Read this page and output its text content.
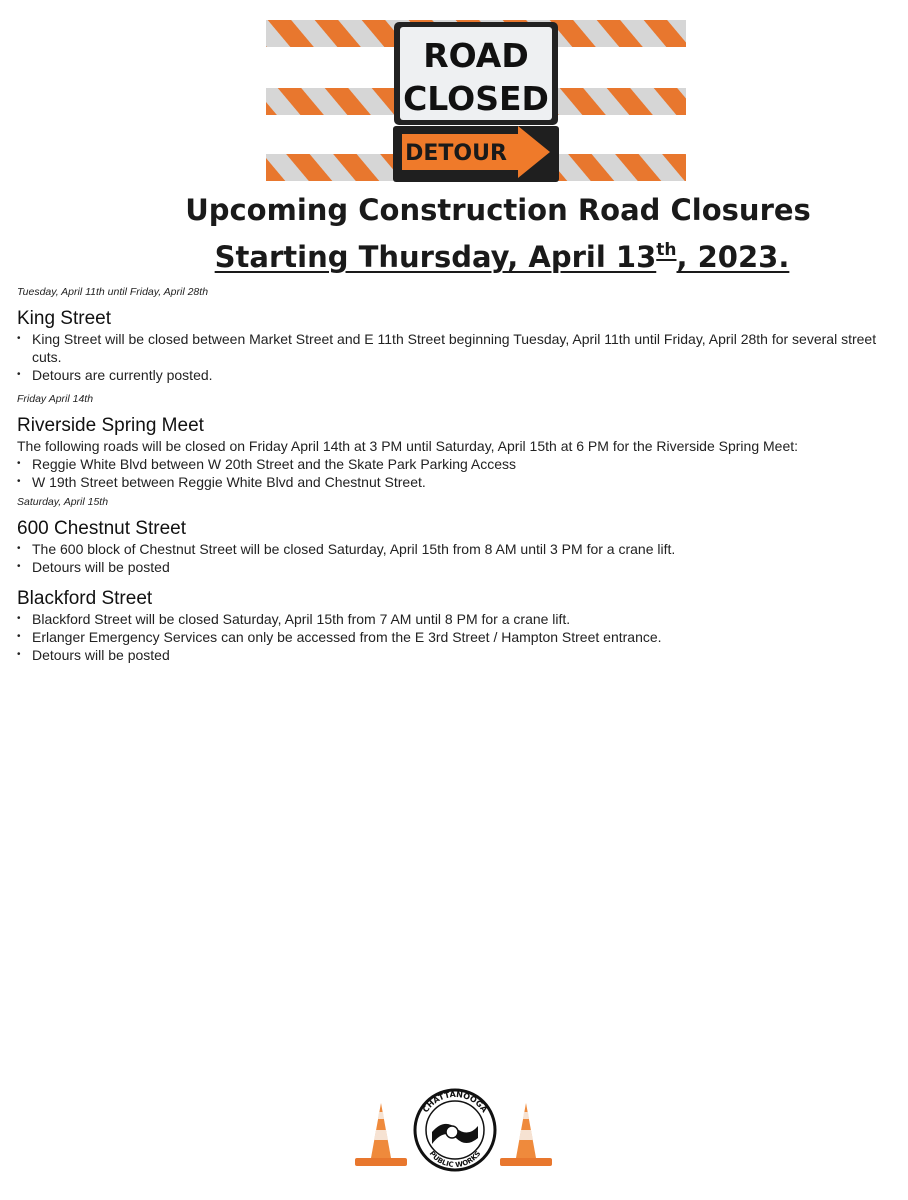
ROAD
CLOSED
DETOUR
Upcoming Construction Road Closures
Starting Thursday, April 13th, 2023.
Tuesday, April 11th until Friday, April 28th
King Street
• King Street will be closed between Market Street and E 11th Street beginning Tuesday, April 11th until Friday, April 28th for several street cuts.
• Detours are currently posted.
Friday April 14th
Riverside Spring Meet
The following roads will be closed on Friday April 14th at 3 PM until Saturday, April 15th at 6 PM for the Riverside Spring Meet:
• Reggie White Blvd between W 20th Street and the Skate Park Parking Access
• W 19th Street between Reggie White Blvd and Chestnut Street.
Saturday, April 15th
600 Chestnut Street
• The 600 block of Chestnut Street will be closed Saturday, April 15th from 8 AM until 3 PM for a crane lift.
• Detours will be posted
Blackford Street
• Blackford Street will be closed Saturday, April 15th from 7 AM until 8 PM for a crane lift.
• Erlanger Emergency Services can only be accessed from the E 3rd Street / Hampton Street entrance.
• Detours will be posted
CHATTANOOGA
PUBLIC WORKS
